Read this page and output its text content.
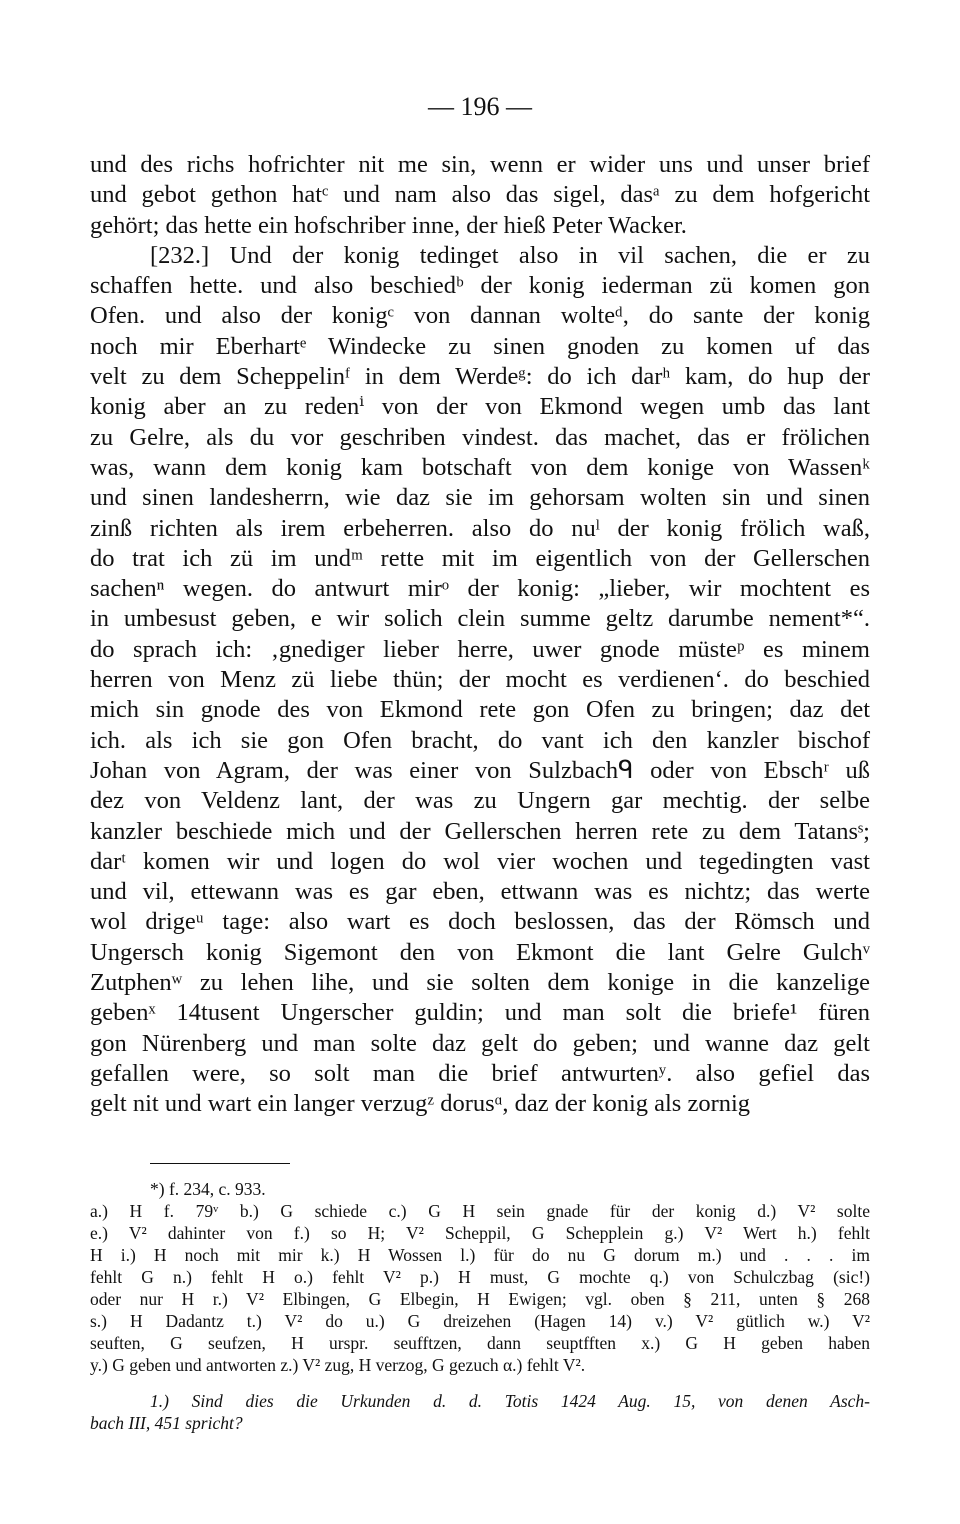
— 196 —
und des richs hofrichter nit me sin, wenn er wider uns und unser brief
und gebot gethon hatᶜ und nam also das sigel, dasᵃ zu dem hofgericht
gehört; das hette ein hofschriber inne, der hieß Peter Wacker.
[232.] Und der konig tedinget also in vil sachen, die er zu
schaffen hette. und also beschiedᵇ der konig iederman zü komen gon
Ofen. und also der konigᶜ von dannan wolteᵈ, do sante der konig
noch mir Eberhartᵉ Windecke zu sinen gnoden zu komen uf das
velt zu dem Scheppelinᶠ in dem Werdeᵍ: do ich darʰ kam, do hup der
konig aber an zu redenⁱ von der von Ekmond wegen umb das lant
zu Gelre, als du vor geschriben vindest. das machet, das er frölichen
was, wann dem konig kam botschaft von dem konige von Wassenᵏ
und sinen landesherrn, wie daz sie im gehorsam wolten sin und sinen
zinß richten als irem erbeherren. also do nuˡ der konig frölich waß,
do trat ich zü im undᵐ rette mit im eigentlich von der Gellerschen
sachenⁿ wegen. do antwurt mirᵒ der konig: „lieber, wir mochtent es
in umbesust geben, e wir solich clein summe geltz darumbe nement*“.
do sprach ich: ‚gnediger lieber herre, uwer gnode müsteᵖ es minem
herren von Menz zü liebe thün; der mocht es verdienen‘. do beschied
mich sin gnode des von Ekmond rete gon Ofen zu bringen; daz det
ich. als ich sie gon Ofen bracht, do vant ich den kanzler bischof
Johan von Agram, der was einer von Sulzbachᑫ oder von Ebschʳ uß
dez von Veldenz lant, der was zu Ungern gar mechtig. der selbe
kanzler beschiede mich und der Gellerschen herren rete zu dem Tatansˢ;
darᵗ komen wir und logen do wol vier wochen und tegedingten vast
und vil, ettewann was es gar eben, ettwann was es nichtz; das werte
wol drigeᵘ tage: also wart es doch beslossen, das der Römsch und
Ungersch konig Sigemont den von Ekmont die lant Gelre Gulchᵛ
Zutphenʷ zu lehen lihe, und sie solten dem konige in die kanzelige
gebenˣ 14tusent Ungerscher guldin; und man solt die briefe¹ füren
gon Nürenberg und man solte daz gelt do geben; und wanne daz gelt
gefallen were, so solt man die brief antwurtenʸ. also gefiel das
gelt nit und wart ein langer verzugᶻ dorusᵅ, daz der konig als zornig
*) f. 234, c. 933.
a.) H f. 79ᵛ b.) G schiede c.) G H sein gnade für der konig d.) V² solte
e.) V² dahinter von f.) so H; V² Scheppil, G Schepplein g.) V² Wert h.) fehlt
H i.) H noch mit mir k.) H Wossen l.) für do nu G dorum m.) und . . . im
fehlt G n.) fehlt H o.) fehlt V² p.) H must, G mochte q.) von Schulczbag (sic!)
oder nur H r.) V² Elbingen, G Elbegin, H Ewigen; vgl. oben § 211, unten § 268
s.) H Dadantz t.) V² do u.) G dreizehen (Hagen 14) v.) V² gütlich w.) V²
seuften, G seufzen, H urspr. seufftzen, dann seuptfften x.) G H geben haben
y.) G geben und antworten z.) V² zug, H verzog, G gezuch α.) fehlt V².
1.) Sind dies die Urkunden d. d. Totis 1424 Aug. 15, von denen Asch-
bach III, 451 spricht?
